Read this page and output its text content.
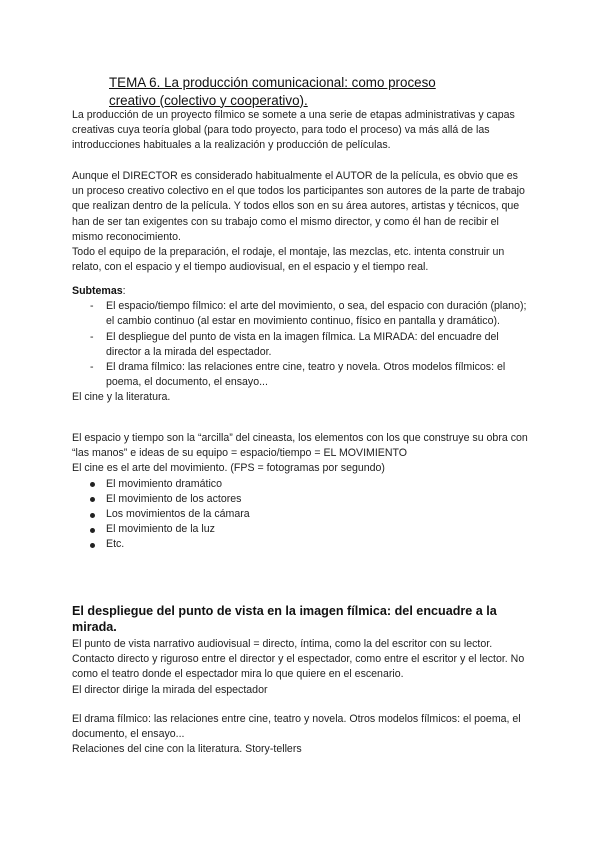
TEMA 6. La producción comunicacional: como proceso
creativo (colectivo y cooperativo).

La producción de un proyecto fílmico se somete a una serie de etapas administrativas y capas creativas cuya teoría global (para todo proyecto, para todo el proceso) va más allá de las introducciones habituales a la realización y producción de películas.

Aunque el DIRECTOR es considerado habitualmente el AUTOR de la película, es obvio que es un proceso creativo colectivo en el que todos los participantes son autores de la parte de trabajo que realizan dentro de la película. Y todos ellos son en su área autores, artistas y técnicos, que han de ser tan exigentes con su trabajo como el mismo director, y como él han de recibir el mismo reconocimiento.

Todo el equipo de la preparación, el rodaje, el montaje, las mezclas, etc. intenta construir un relato, con el espacio y el tiempo audiovisual, en el espacio y el tiempo real.

Subtemas:

- El espacio/tiempo fílmico: el arte del movimiento, o sea, del espacio con duración (plano); el cambio continuo (al estar en movimiento continuo, físico en pantalla y dramático).
- El despliegue del punto de vista en la imagen fílmica. La MIRADA: del encuadre del director a la mirada del espectador.
- El drama fílmico: las relaciones entre cine, teatro y novela. Otros modelos fílmicos: el poema, el documento, el ensayo...

El cine y la literatura.

El espacio y tiempo son la “arcilla” del cineasta, los elementos con los que construye su obra con “las manos” e ideas de su equipo = espacio/tiempo = EL MOVIMIENTO

El cine es el arte del movimiento. (FPS = fotogramas por segundo)

El movimiento dramático
El movimiento de los actores
Los movimientos de la cámara
El movimiento de la luz
Etc.
El despliegue del punto de vista en la imagen fílmica: del encuadre a la mirada.

El punto de vista narrativo audiovisual = directo, íntima, como la del escritor con su lector.

Contacto directo y riguroso entre el director y el espectador, como entre el escritor y el lector. No como el teatro donde el espectador mira lo que quiere en el escenario.

El director dirige la mirada del espectador

El drama fílmico: las relaciones entre cine, teatro y novela. Otros modelos fílmicos: el poema, el documento, el ensayo...

Relaciones del cine con la literatura. Story-tellers
